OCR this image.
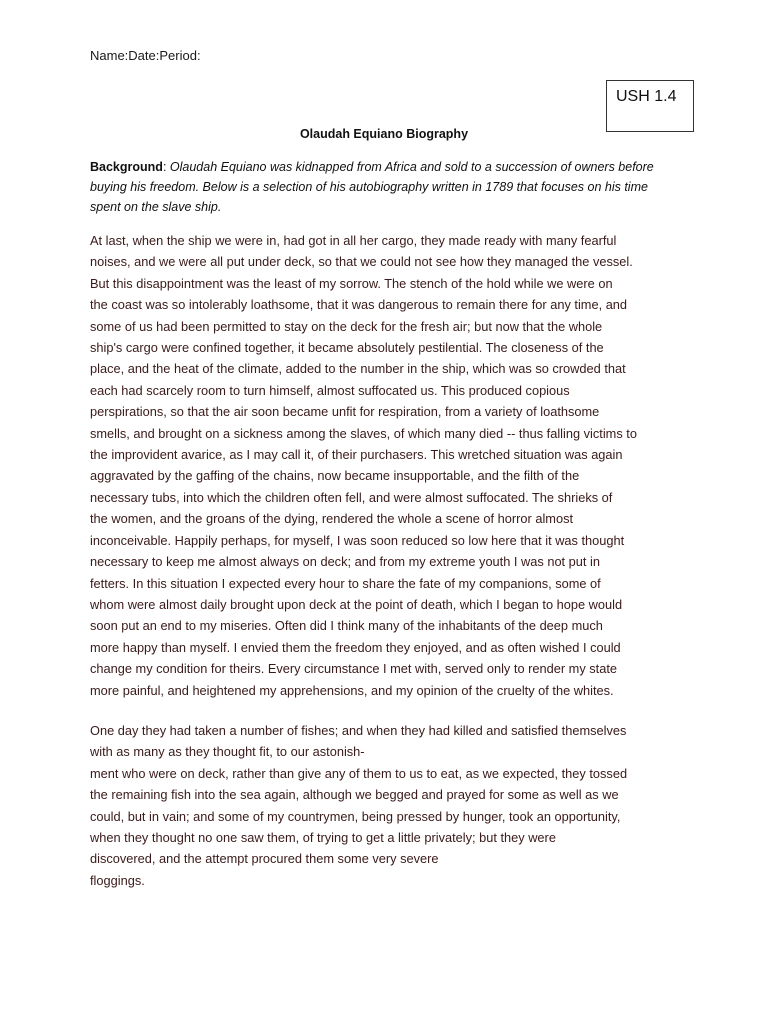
Name:Date:Period:
USH 1.4
Olaudah Equiano Biography
Background: Olaudah Equiano was kidnapped from Africa and sold to a succession of owners before buying his freedom. Below is a selection of his autobiography written in 1789 that focuses on his time spent on the slave ship.
At last, when the ship we were in, had got in all her cargo, they made ready with many fearful
noises, and we were all put under deck, so that we could not see how they managed the vessel.
But this disappointment was the least of my sorrow. The stench of the hold while we were on
the coast was so intolerably loathsome, that it was dangerous to remain there for any time, and
some of us had been permitted to stay on the deck for the fresh air; but now that the whole
ship's cargo were confined together, it became absolutely pestilential. The closeness of the
place, and the heat of the climate, added to the number in the ship, which was so crowded that
each had scarcely room to turn himself, almost suffocated us. This produced copious
perspirations, so that the air soon became unfit for respiration, from a variety of loathsome
smells, and brought on a sickness among the slaves, of which many died -- thus falling victims to
the improvident avarice, as I may call it, of their purchasers. This wretched situation was again
aggravated by the gaffing of the chains, now became insupportable, and the filth of the
necessary tubs, into which the children often fell, and were almost suffocated. The shrieks of
the women, and the groans of the dying, rendered the whole a scene of horror almost
inconceivable. Happily perhaps, for myself, I was soon reduced so low here that it was thought
necessary to keep me almost always on deck; and from my extreme youth I was not put in
fetters. In this situation I expected every hour to share the fate of my companions, some of
whom were almost daily brought upon deck at the point of death, which I began to hope would
soon put an end to my miseries. Often did I think many of the inhabitants of the deep much
more happy than myself. I envied them the freedom they enjoyed, and as often wished I could
change my condition for theirs. Every circumstance I met with, served only to render my state
more painful, and heightened my apprehensions, and my opinion of the cruelty of the whites.
One day they had taken a number of fishes; and when they had killed and satisfied themselves
with as many as they thought fit, to our astonish-
ment who were on deck, rather than give any of them to us to eat, as we expected, they tossed
the remaining fish into the sea again, although we begged and prayed for some as well as we
could, but in vain; and some of my countrymen, being pressed by hunger, took an opportunity,
when they thought no one saw them, of trying to get a little privately; but they were
discovered, and the attempt procured them some very severe
floggings.
